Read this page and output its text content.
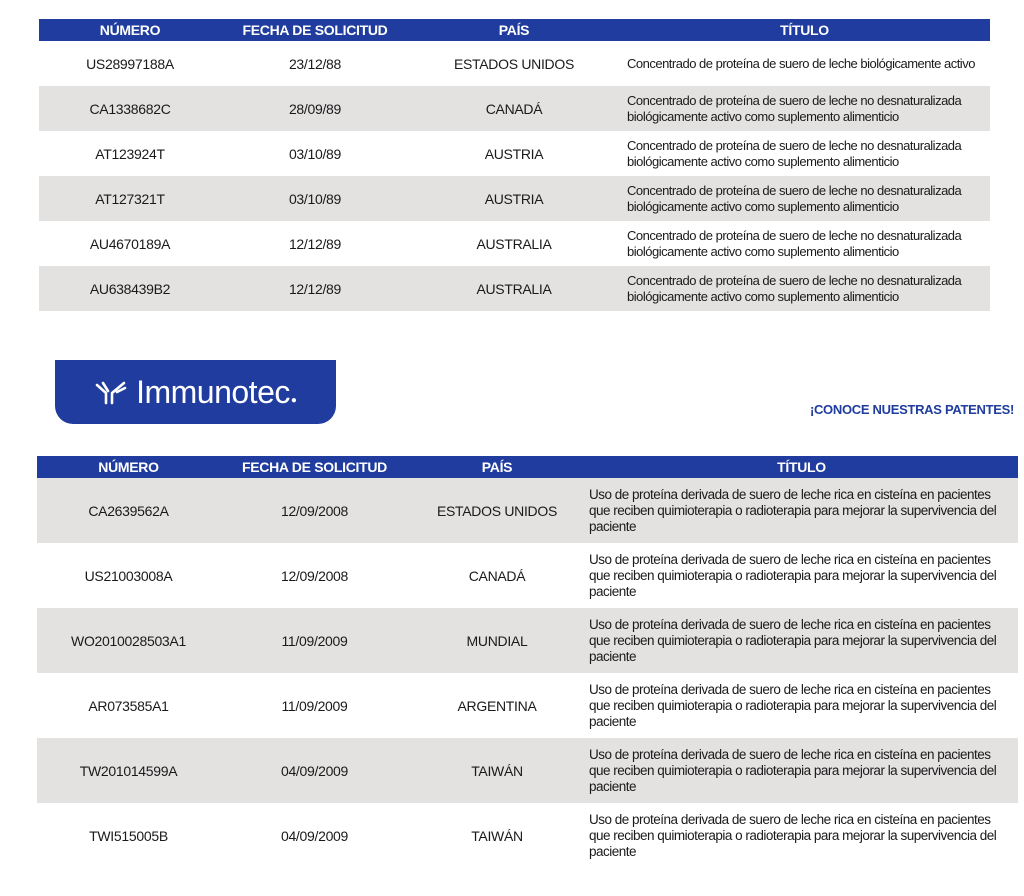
NÚMERO	FECHA DE SOLICITUD	PAÍS	TÍTULO
US28997188A	23/12/88	ESTADOS UNIDOS	Concentrado de proteína de suero de leche biológicamente activo
CA1338682C	28/09/89	CANADÁ	Concentrado de proteína de suero de leche no desnaturalizada biológicamente activo como suplemento alimenticio
AT123924T	03/10/89	AUSTRIA	Concentrado de proteína de suero de leche no desnaturalizada biológicamente activo como suplemento alimenticio
AT127321T	03/10/89	AUSTRIA	Concentrado de proteína de suero de leche no desnaturalizada biológicamente activo como suplemento alimenticio
AU4670189A	12/12/89	AUSTRALIA	Concentrado de proteína de suero de leche no desnaturalizada biológicamente activo como suplemento alimenticio
AU638439B2	12/12/89	AUSTRALIA	Concentrado de proteína de suero de leche no desnaturalizada biológicamente activo como suplemento alimenticio
Immunotec ●
¡CONOCE NUESTRAS PATENTES!
NÚMERO	FECHA DE SOLICITUD	PAÍS	TÍTULO
CA2639562A	12/09/2008	ESTADOS UNIDOS	Uso de proteína derivada de suero de leche rica en cisteína en pacientes que reciben quimioterapia o radioterapia para mejorar la supervivencia del paciente
US21003008A	12/09/2008	CANADÁ	Uso de proteína derivada de suero de leche rica en cisteína en pacientes que reciben quimioterapia o radioterapia para mejorar la supervivencia del paciente
WO2010028503A1	11/09/2009	MUNDIAL	Uso de proteína derivada de suero de leche rica en cisteína en pacientes que reciben quimioterapia o radioterapia para mejorar la supervivencia del paciente
AR073585A1	11/09/2009	ARGENTINA	Uso de proteína derivada de suero de leche rica en cisteína en pacientes que reciben quimioterapia o radioterapia para mejorar la supervivencia del paciente
TW201014599A	04/09/2009	TAIWÁN	Uso de proteína derivada de suero de leche rica en cisteína en pacientes que reciben quimioterapia o radioterapia para mejorar la supervivencia del paciente
TWI515005B	04/09/2009	TAIWÁN	Uso de proteína derivada de suero de leche rica en cisteína en pacientes que reciben quimioterapia o radioterapia para mejorar la supervivencia del paciente
